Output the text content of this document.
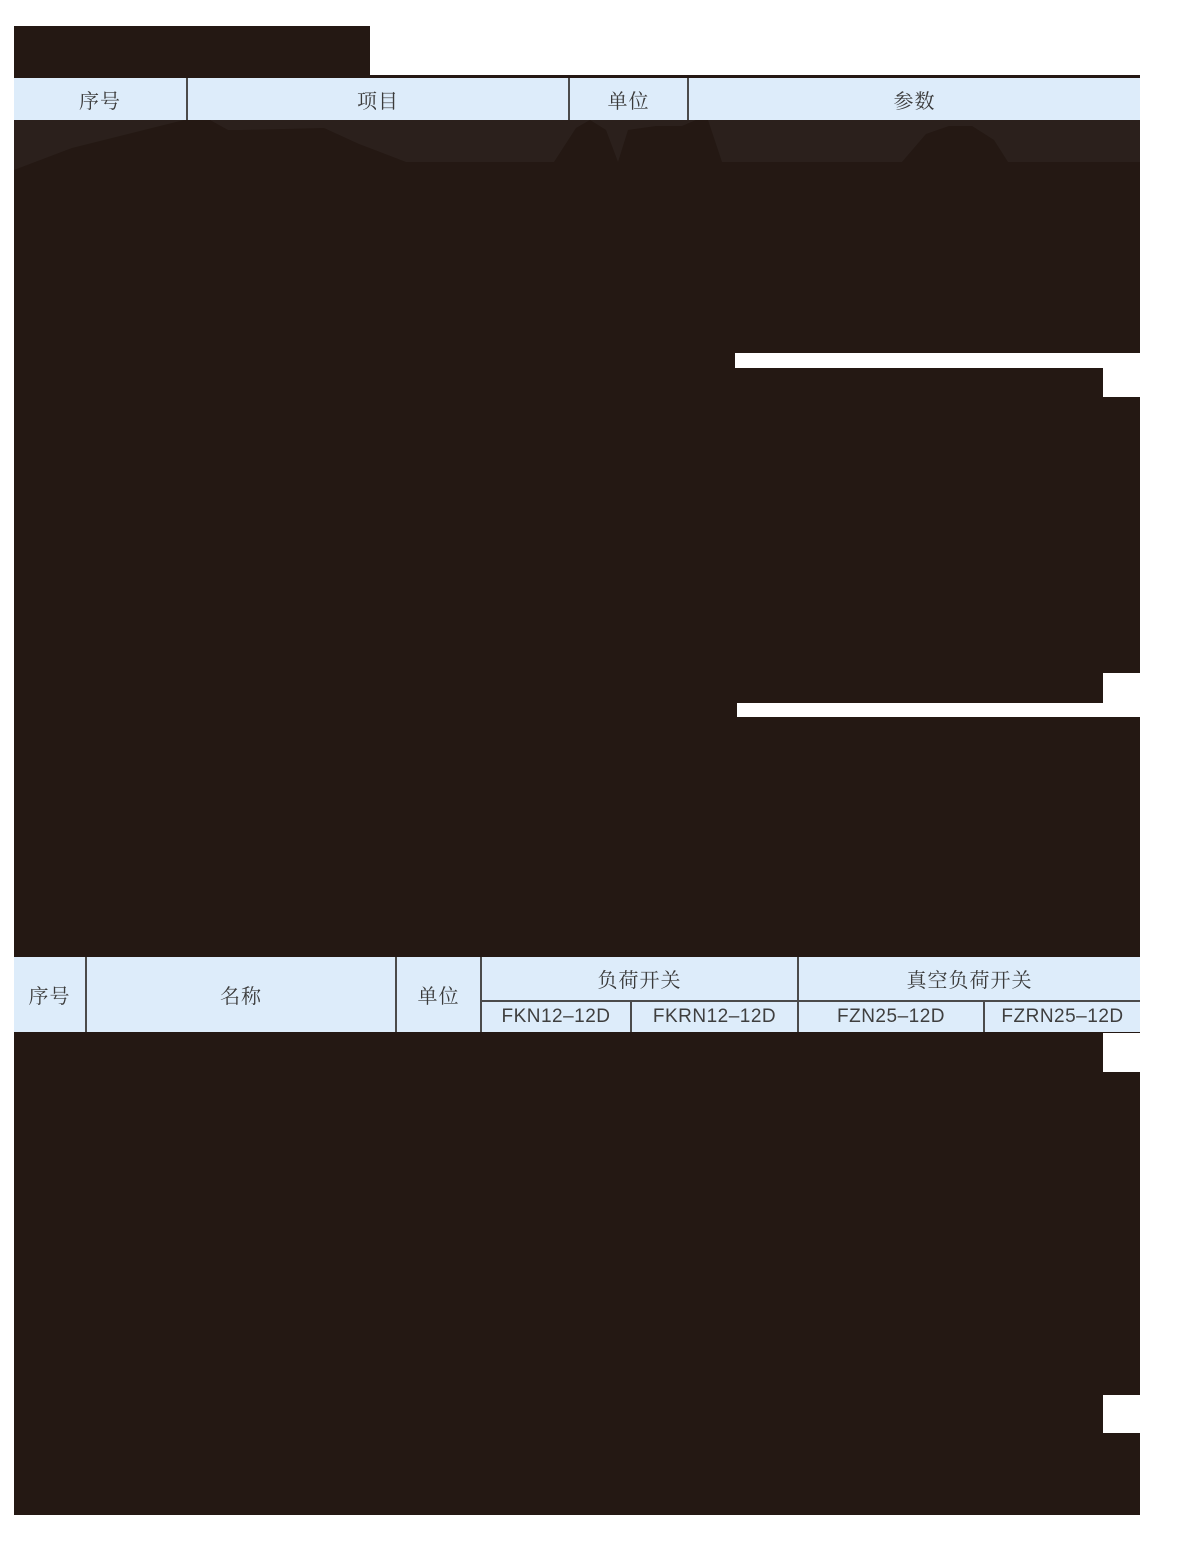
序号	项目	单位	参数
序号	名称	单位
负荷开关	真空负荷开关
FKN12–12D	FKRN12–12D	FZN25–12D	FZRN25–12D
